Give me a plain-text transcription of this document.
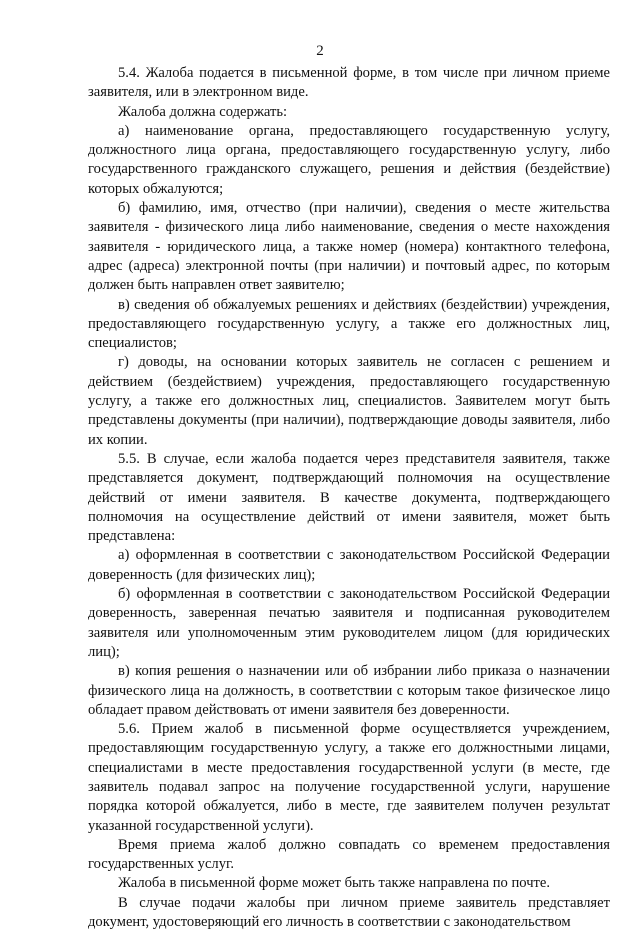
2

5.4. Жалоба подается в письменной форме, в том числе при личном приеме заявителя, или в электронном виде.

Жалоба должна содержать:

а) наименование органа, предоставляющего государственную услугу, должностного лица органа, предоставляющего государственную услугу, либо государственного гражданского служащего, решения и действия (бездействие) которых обжалуются;

б) фамилию, имя, отчество (при наличии), сведения о месте жительства заявителя - физического лица либо наименование, сведения о месте нахождения заявителя - юридического лица, а также номер (номера) контактного телефона, адрес (адреса) электронной почты (при наличии) и почтовый адрес, по которым должен быть направлен ответ заявителю;

в) сведения об обжалуемых решениях и действиях (бездействии) учреждения, предоставляющего государственную услугу, а также его должностных лиц, специалистов;

г) доводы, на основании которых заявитель не согласен с решением и действием (бездействием) учреждения, предоставляющего государственную услугу, а также его должностных лиц, специалистов. Заявителем могут быть представлены документы (при наличии), подтверждающие доводы заявителя, либо их копии.

5.5. В случае, если жалоба подается через представителя заявителя, также представляется документ, подтверждающий полномочия на осуществление действий от имени заявителя. В качестве документа, подтверждающего полномочия на осуществление действий от имени заявителя, может быть представлена:

а) оформленная в соответствии с законодательством Российской Федерации доверенность (для физических лиц);

б) оформленная в соответствии с законодательством Российской Федерации доверенность, заверенная печатью заявителя и подписанная руководителем заявителя или уполномоченным этим руководителем лицом (для юридических лиц);

в) копия решения о назначении или об избрании либо приказа о назначении физического лица на должность, в соответствии с которым такое физическое лицо обладает правом действовать от имени заявителя без доверенности.

5.6. Прием жалоб в письменной форме осуществляется учреждением, предоставляющим государственную услугу, а также его должностными лицами, специалистами в месте предоставления государственной услуги (в месте, где заявитель подавал запрос на получение государственной услуги, нарушение порядка которой обжалуется, либо в месте, где заявителем получен результат указанной государственной услуги).

Время приема жалоб должно совпадать со временем предоставления государственных услуг.

Жалоба в письменной форме может быть также направлена по почте.

В случае подачи жалобы при личном приеме заявитель представляет документ, удостоверяющий его личность в соответствии с законодательством
